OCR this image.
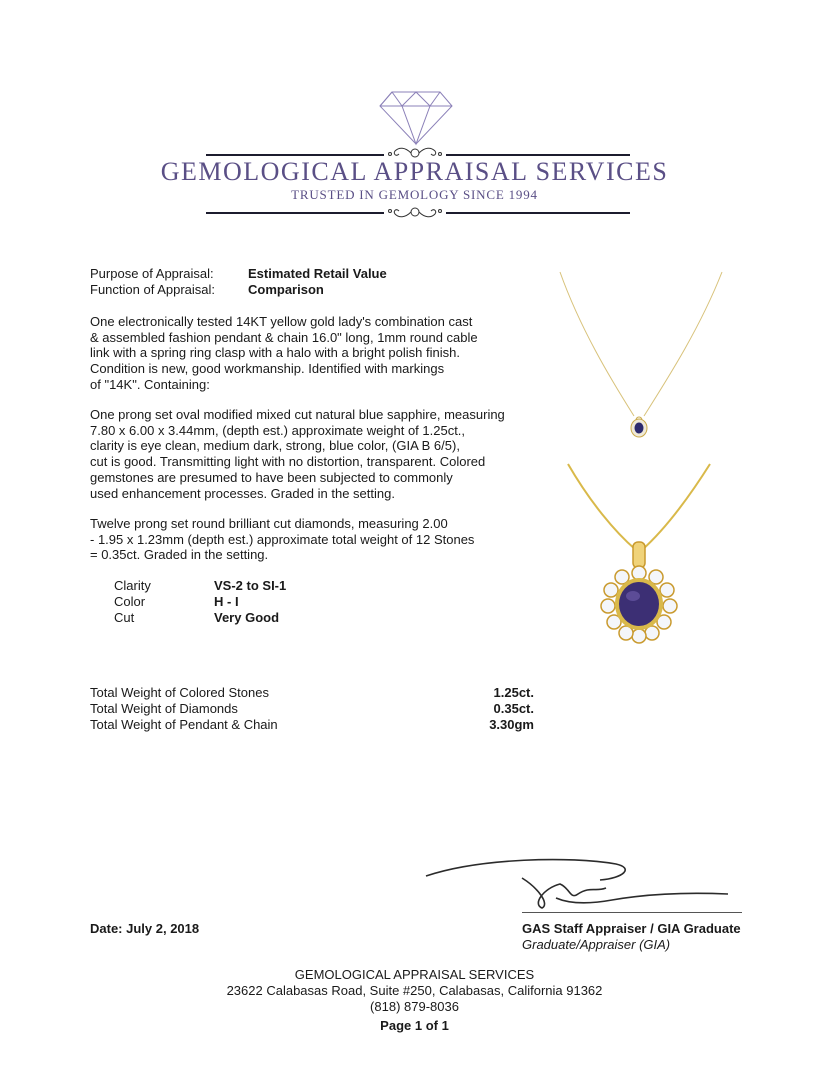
GEMOLOGICAL APPRAISAL SERVICES
TRUSTED IN GEMOLOGY SINCE 1994
Purpose of Appraisal:	Estimated Retail Value
Function of Appraisal:	Comparison
One electronically tested 14KT yellow gold lady's combination cast
& assembled fashion pendant & chain 16.0" long, 1mm round cable
link with a spring ring clasp with a halo with a bright polish finish.
Condition is new, good workmanship. Identified with markings
of "14K". Containing:
One prong set oval modified mixed cut natural blue sapphire, measuring
7.80 x 6.00 x 3.44mm, (depth est.) approximate weight of 1.25ct.,
clarity is eye clean, medium dark, strong, blue color, (GIA B 6/5),
cut is good. Transmitting light with no distortion, transparent. Colored
gemstones are presumed to have been subjected to commonly
used enhancement processes. Graded in the setting.
Twelve prong set round brilliant cut diamonds, measuring 2.00
- 1.95 x 1.23mm (depth est.) approximate total weight of 12 Stones
= 0.35ct. Graded in the setting.
Clarity	VS-2 to SI-1
Color	H - I
Cut	Very Good
Total Weight of Colored Stones	1.25ct.
Total Weight of Diamonds	0.35ct.
Total Weight of Pendant & Chain	3.30gm
Date: July 2, 2018	GAS Staff Appraiser / GIA Graduate
Graduate/Appraiser (GIA)
GEMOLOGICAL APPRAISAL SERVICES
23622 Calabasas Road, Suite #250, Calabasas, California 91362
(818) 879-8036
Page 1 of 1
